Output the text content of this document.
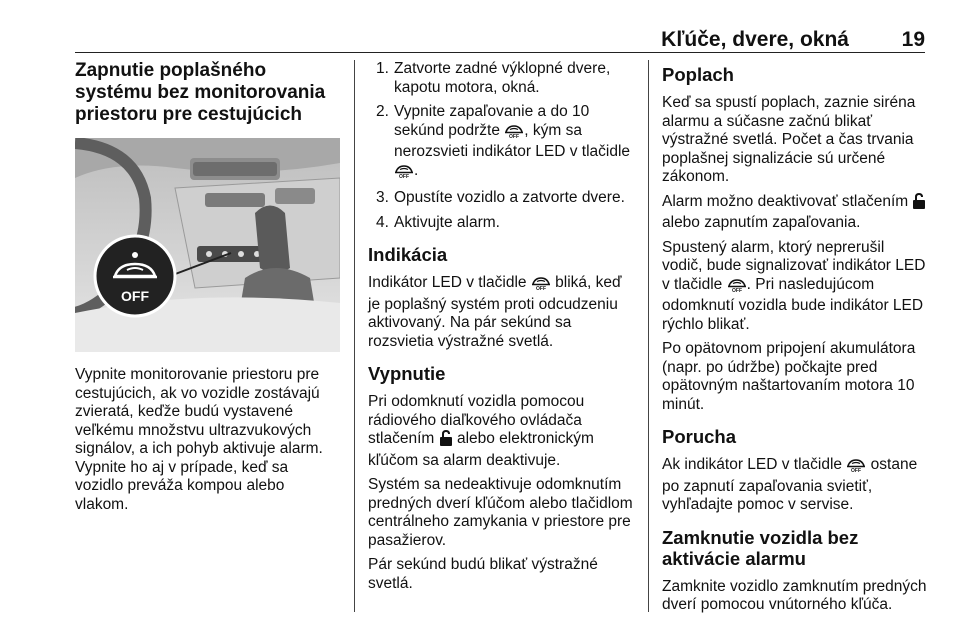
Kľúče, dvere, okná	19
Zapnutie poplašného systému bez monitorovania priestoru pre cestujúcich
OFF

Vypnite monitorovanie priestoru pre cestujúcich, ak vo vozidle zostávajú zvieratá, keďže budú vystavené veľkému množstvu ultrazvukových signálov, a ich pohyb aktivuje alarm. Vypnite ho aj v prípade, keď sa vozidlo preváža kompou alebo vlakom.

1. Zatvorte zadné výklopné dvere, kapotu motora, okná.
2. Vypnite zapaľovanie a do 10 sekúnd podržte OFF , kým sa nerozsvieti indikátor LED v tlačidle
OFF .
3. Opustíte vozidlo a zatvorte dvere.
4. Aktivujte alarm.
Indikácia

Indikátor LED v tlačidle OFF bliká, keď je poplašný systém proti odcudzeniu aktivovaný. Na pár sekúnd sa rozsvietia výstražné svetlá.

Vypnutie

Pri odomknutí vozidla pomocou rádiového diaľkového ovládača stlačením  alebo elektronickým kľúčom sa alarm deaktivuje.

Systém sa nedeaktivuje odomknutím predných dverí kľúčom alebo tlačidlom centrálneho zamykania v priestore pre pasažierov.

Pár sekúnd budú blikať výstražné svetlá.

Poplach

Keď sa spustí poplach, zaznie siréna alarmu a súčasne začnú blikať výstražné svetlá. Počet a čas trvania poplašnej signalizácie sú určené zákonom.

Alarm možno deaktivovať stlačením  alebo zapnutím zapaľovania.

Spustený alarm, ktorý neprerušil vodič, bude signalizovať indikátor LED v tlačidle OFF . Pri nasledujúcom odomknutí vozidla bude indikátor LED rýchlo blikať.

Po opätovnom pripojení akumulátora (napr. po údržbe) počkajte pred opätovným naštartovaním motora 10 minút.

Porucha

Ak indikátor LED v tlačidle OFF ostane po zapnutí zapaľovania svietiť, vyhľadajte pomoc v servise.

Zamknutie vozidla bez aktivácie alarmu

Zamknite vozidlo zamknutím predných dverí pomocou vnútorného kľúča.
